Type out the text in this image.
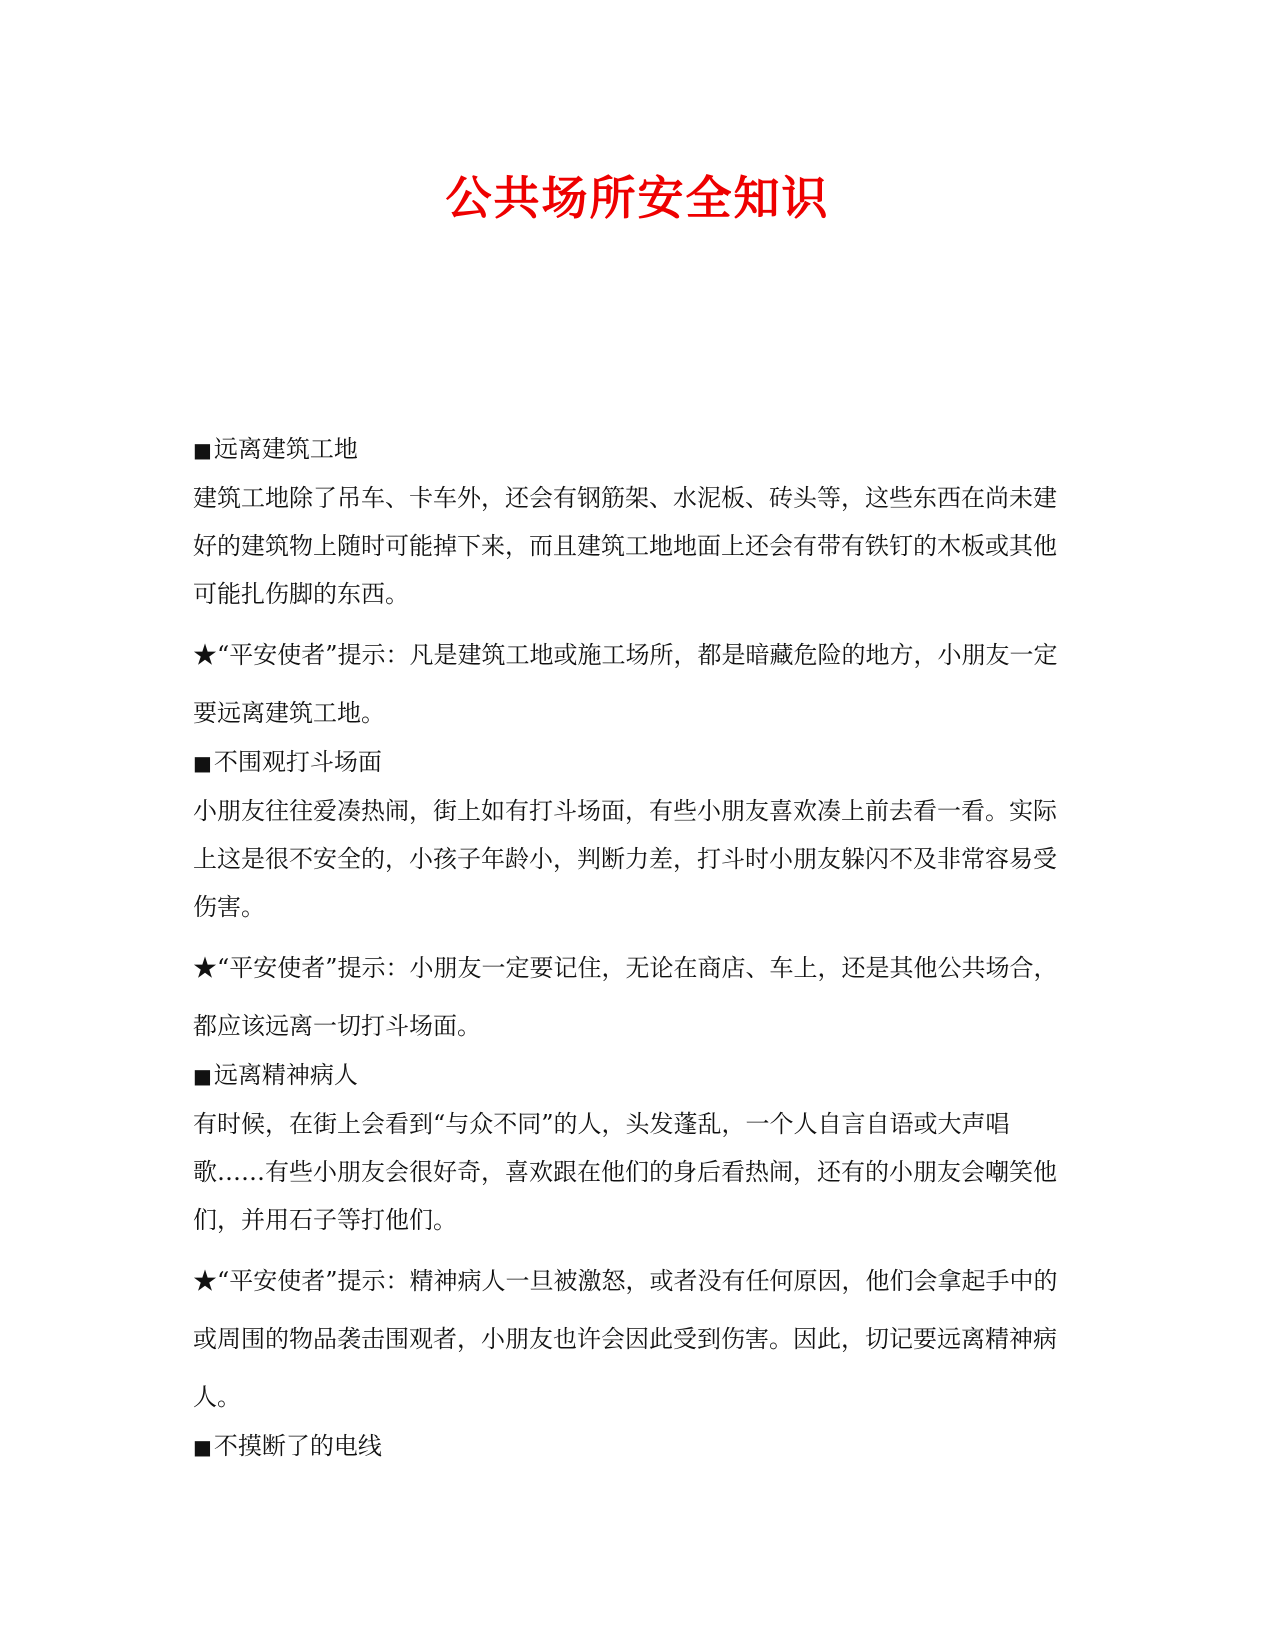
公共场所安全知识

■远离建筑工地

建筑工地除了吊车、卡车外，还会有钢筋架、水泥板、砖头等，这些东西在尚未建好的建筑物上随时可能掉下来，而且建筑工地地面上还会有带有铁钉的木板或其他可能扎伤脚的东西。

★“平安使者”提示：凡是建筑工地或施工场所，都是暗藏危险的地方，小朋友一定要远离建筑工地。

■不围观打斗场面

小朋友往往爱凑热闹，街上如有打斗场面，有些小朋友喜欢凑上前去看一看。实际上这是很不安全的，小孩子年龄小，判断力差，打斗时小朋友躲闪不及非常容易受伤害。

★“平安使者”提示：小朋友一定要记住，无论在商店、车上，还是其他公共场合，都应该远离一切打斗场面。

■远离精神病人

有时候，在街上会看到“与众不同”的人，头发蓬乱，一个人自言自语或大声唱歌……有些小朋友会很好奇，喜欢跟在他们的身后看热闹，还有的小朋友会嘲笑他们，并用石子等打他们。

★“平安使者”提示：精神病人一旦被激怒，或者没有任何原因，他们会拿起手中的或周围的物品袭击围观者，小朋友也许会因此受到伤害。因此，切记要远离精神病人。

■不摸断了的电线
